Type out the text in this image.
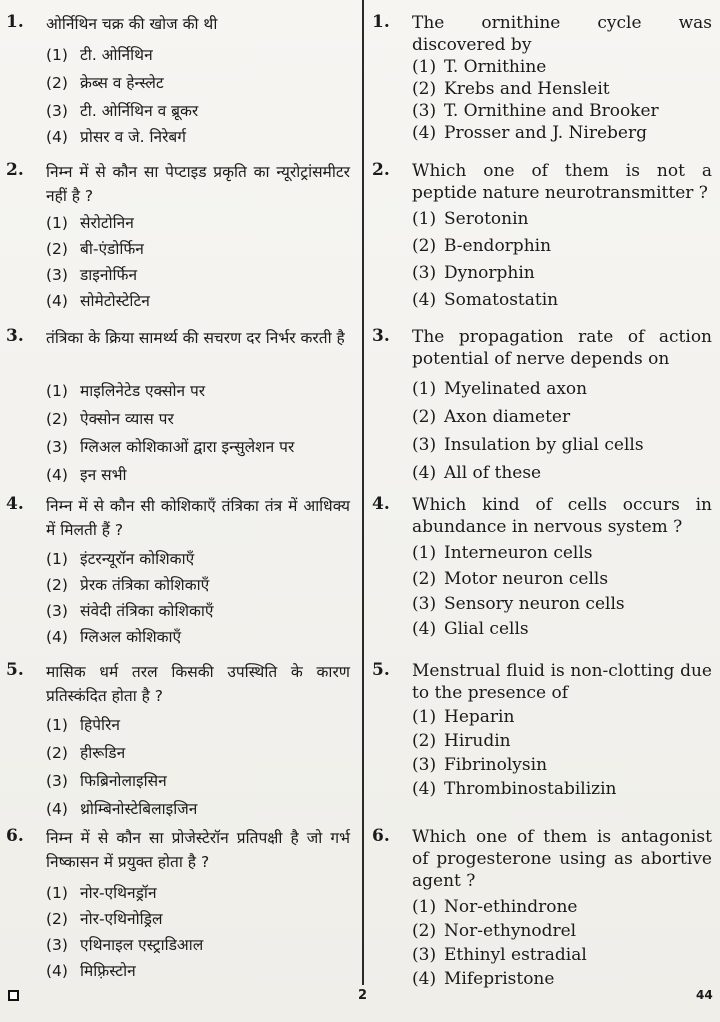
1. ओर्निथिन चक्र की खोज की थी
(1) टी. ओर्निथिन
(2) क्रेब्स व हेन्स्लेट
(3) टी. ओर्निथिन व ब्रूकर
(4) प्रोसर व जे. निरेबर्ग
2. निम्न में से कौन सा पेप्टाइड प्रकृति का न्यूरोट्रांसमीटर नहीं है ?
(1) सेरोटोनिन
(2) बी-एंडोर्फिन
(3) डाइनोर्फिन
(4) सोमेटोस्टेटिन
3. तंत्रिका के क्रिया सामर्थ्य की सचरण दर निर्भर करती है
(1) माइलिनेटेड एक्सोन पर
(2) ऐक्सोन व्यास पर
(3) ग्लिअल कोशिकाओं द्वारा इन्सुलेशन पर
(4) इन सभी
4. निम्न में से कौन सी कोशिकाएँ तंत्रिका तंत्र में आधिक्य में मिलती हैं ?
(1) इंटरन्यूरॉन कोशिकाएँ
(2) प्रेरक तंत्रिका कोशिकाएँ
(3) संवेदी तंत्रिका कोशिकाएँ
(4) ग्लिअल कोशिकाएँ
5. मासिक धर्म तरल किसकी उपस्थिति के कारण प्रतिस्कंदित होता है ?
(1) हिपेरिन
(2) हीरूडिन
(3) फिब्रिनोलाइसिन
(4) थ्रोम्बिनोस्टेबिलाइजिन
6. निम्न में से कौन सा प्रोजेस्टेरॉन प्रतिपक्षी है जो गर्भ निष्कासन में प्रयुक्त होता है ?
(1) नोर-एथिनड्रॉन
(2) नोर-एथिनोड्रिल
(3) एथिनाइल एस्ट्राडिआल
(4) मिफ़्रिस्टोन
1. The ornithine cycle was discovered by
(1) T. Ornithine
(2) Krebs and Hensleit
(3) T. Ornithine and Brooker
(4) Prosser and J. Nireberg
2. Which one of them is not a peptide nature neurotransmitter ?
(1) Serotonin
(2) B-endorphin
(3) Dynorphin
(4) Somatostatin
3. The propagation rate of action potential of nerve depends on
(1) Myelinated axon
(2) Axon diameter
(3) Insulation by glial cells
(4) All of these
4. Which kind of cells occurs in abundance in nervous system ?
(1) Interneuron cells
(2) Motor neuron cells
(3) Sensory neuron cells
(4) Glial cells
5. Menstrual fluid is non-clotting due to the presence of
(1) Heparin
(2) Hirudin
(3) Fibrinolysin
(4) Thrombinostabilizin
6. Which one of them is antagonist of progesterone using as abortive agent ?
(1) Nor-ethindrone
(2) Nor-ethynodrel
(3) Ethinyl estradial
(4) Mifepristone
2	44
